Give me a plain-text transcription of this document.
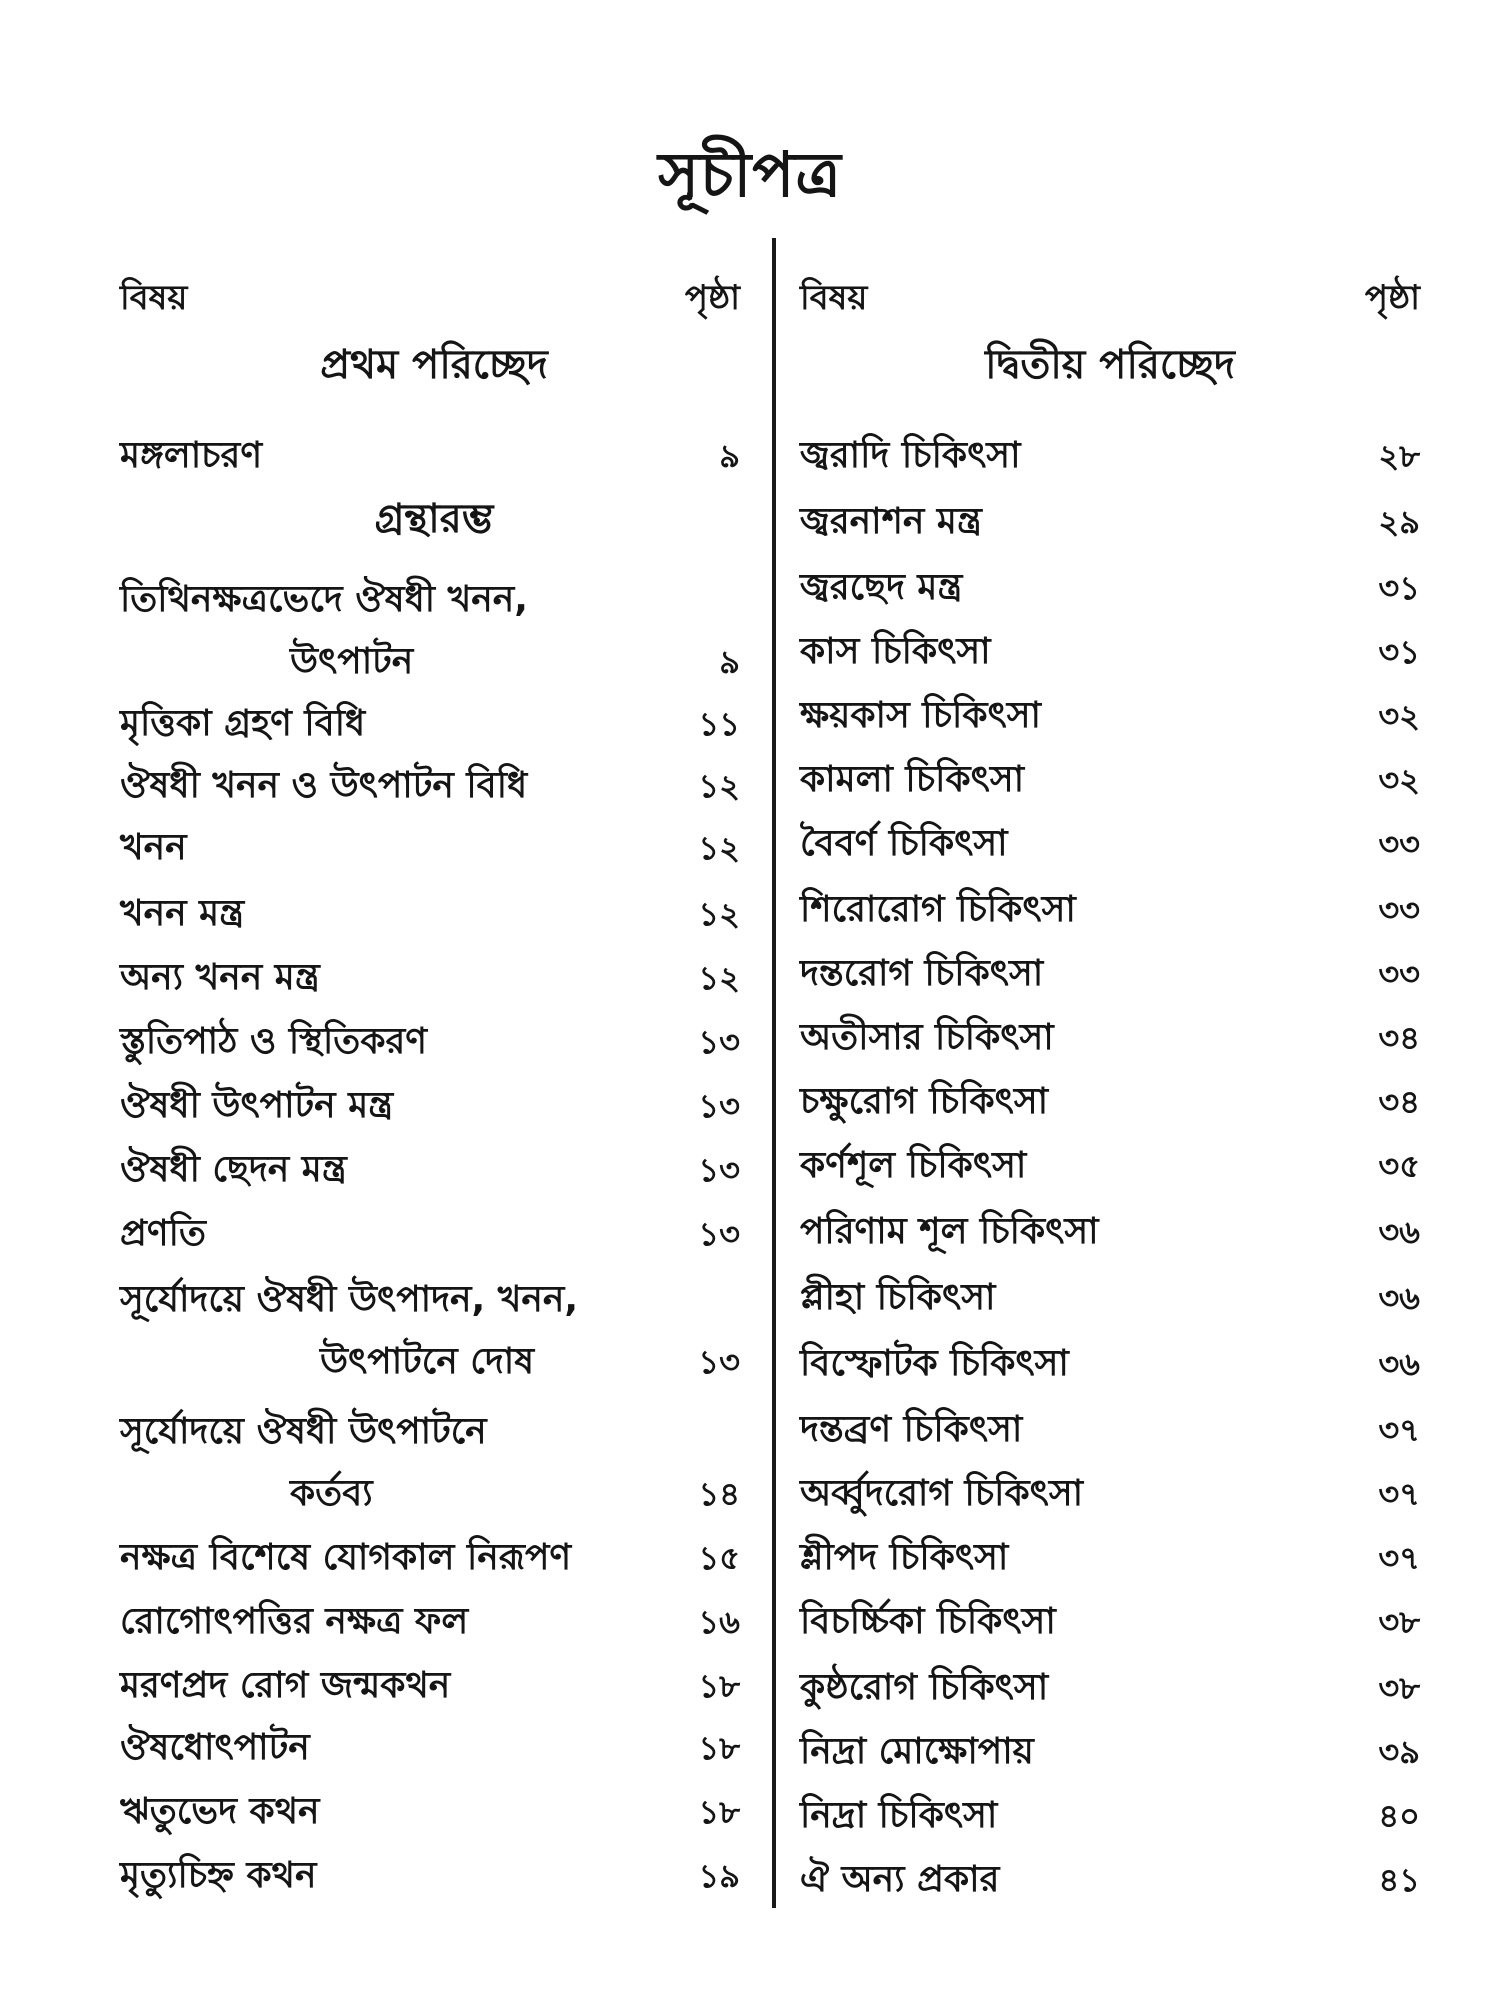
সূচীপত্র
বিষয়	পৃষ্ঠা
প্রথম পরিচ্ছেদ
মঙ্গলাচরণ	৯
গ্রন্থারম্ভ
তিথিনক্ষত্রভেদে ঔষধী খনন,
উৎপাটন	৯
মৃত্তিকা গ্রহণ বিধি	১১
ঔষধী খনন ও উৎপাটন বিধি	১২
খনন	১২
খনন মন্ত্র	১২
অন্য খনন মন্ত্র	১২
স্তুতিপাঠ ও স্থিতিকরণ	১৩
ঔষধী উৎপাটন মন্ত্র	১৩
ঔষধী ছেদন মন্ত্র	১৩
প্রণতি	১৩
সূর্যোদয়ে ঔষধী উৎপাদন, খনন,
উৎপাটনে দোষ	১৩
সূর্যোদয়ে ঔষধী উৎপাটনে
কর্তব্য	১৪
নক্ষত্র বিশেষে যোগকাল নিরূপণ	১৫
রোগোৎপত্তির নক্ষত্র ফল	১৬
মরণপ্রদ রোগ জন্মকথন	১৮
ঔষধোৎপাটন	১৮
ঋতুভেদ কথন	১৮
মৃত্যুচিহ্ন কথন	১৯
বিষয়	পৃষ্ঠা
দ্বিতীয় পরিচ্ছেদ
জ্বরাদি চিকিৎসা	২৮
জ্বরনাশন মন্ত্র	২৯
জ্বরছেদ মন্ত্র	৩১
কাস চিকিৎসা	৩১
ক্ষয়কাস চিকিৎসা	৩২
কামলা চিকিৎসা	৩২
বৈবর্ণ চিকিৎসা	৩৩
শিরোরোগ চিকিৎসা	৩৩
দন্তরোগ চিকিৎসা	৩৩
অতীসার চিকিৎসা	৩৪
চক্ষুরোগ চিকিৎসা	৩৪
কর্ণশূল চিকিৎসা	৩৫
পরিণাম শূল চিকিৎসা	৩৬
প্লীহা চিকিৎসা	৩৬
বিস্ফোটক চিকিৎসা	৩৬
দন্তব্রণ চিকিৎসা	৩৭
অর্ব্বুদরোগ চিকিৎসা	৩৭
শ্লীপদ চিকিৎসা	৩৭
বিচর্চ্চিকা চিকিৎসা	৩৮
কুষ্ঠরোগ চিকিৎসা	৩৮
নিদ্রা মোক্ষোপায়	৩৯
নিদ্রা চিকিৎসা	৪০
ঐ অন্য প্রকার	৪১
